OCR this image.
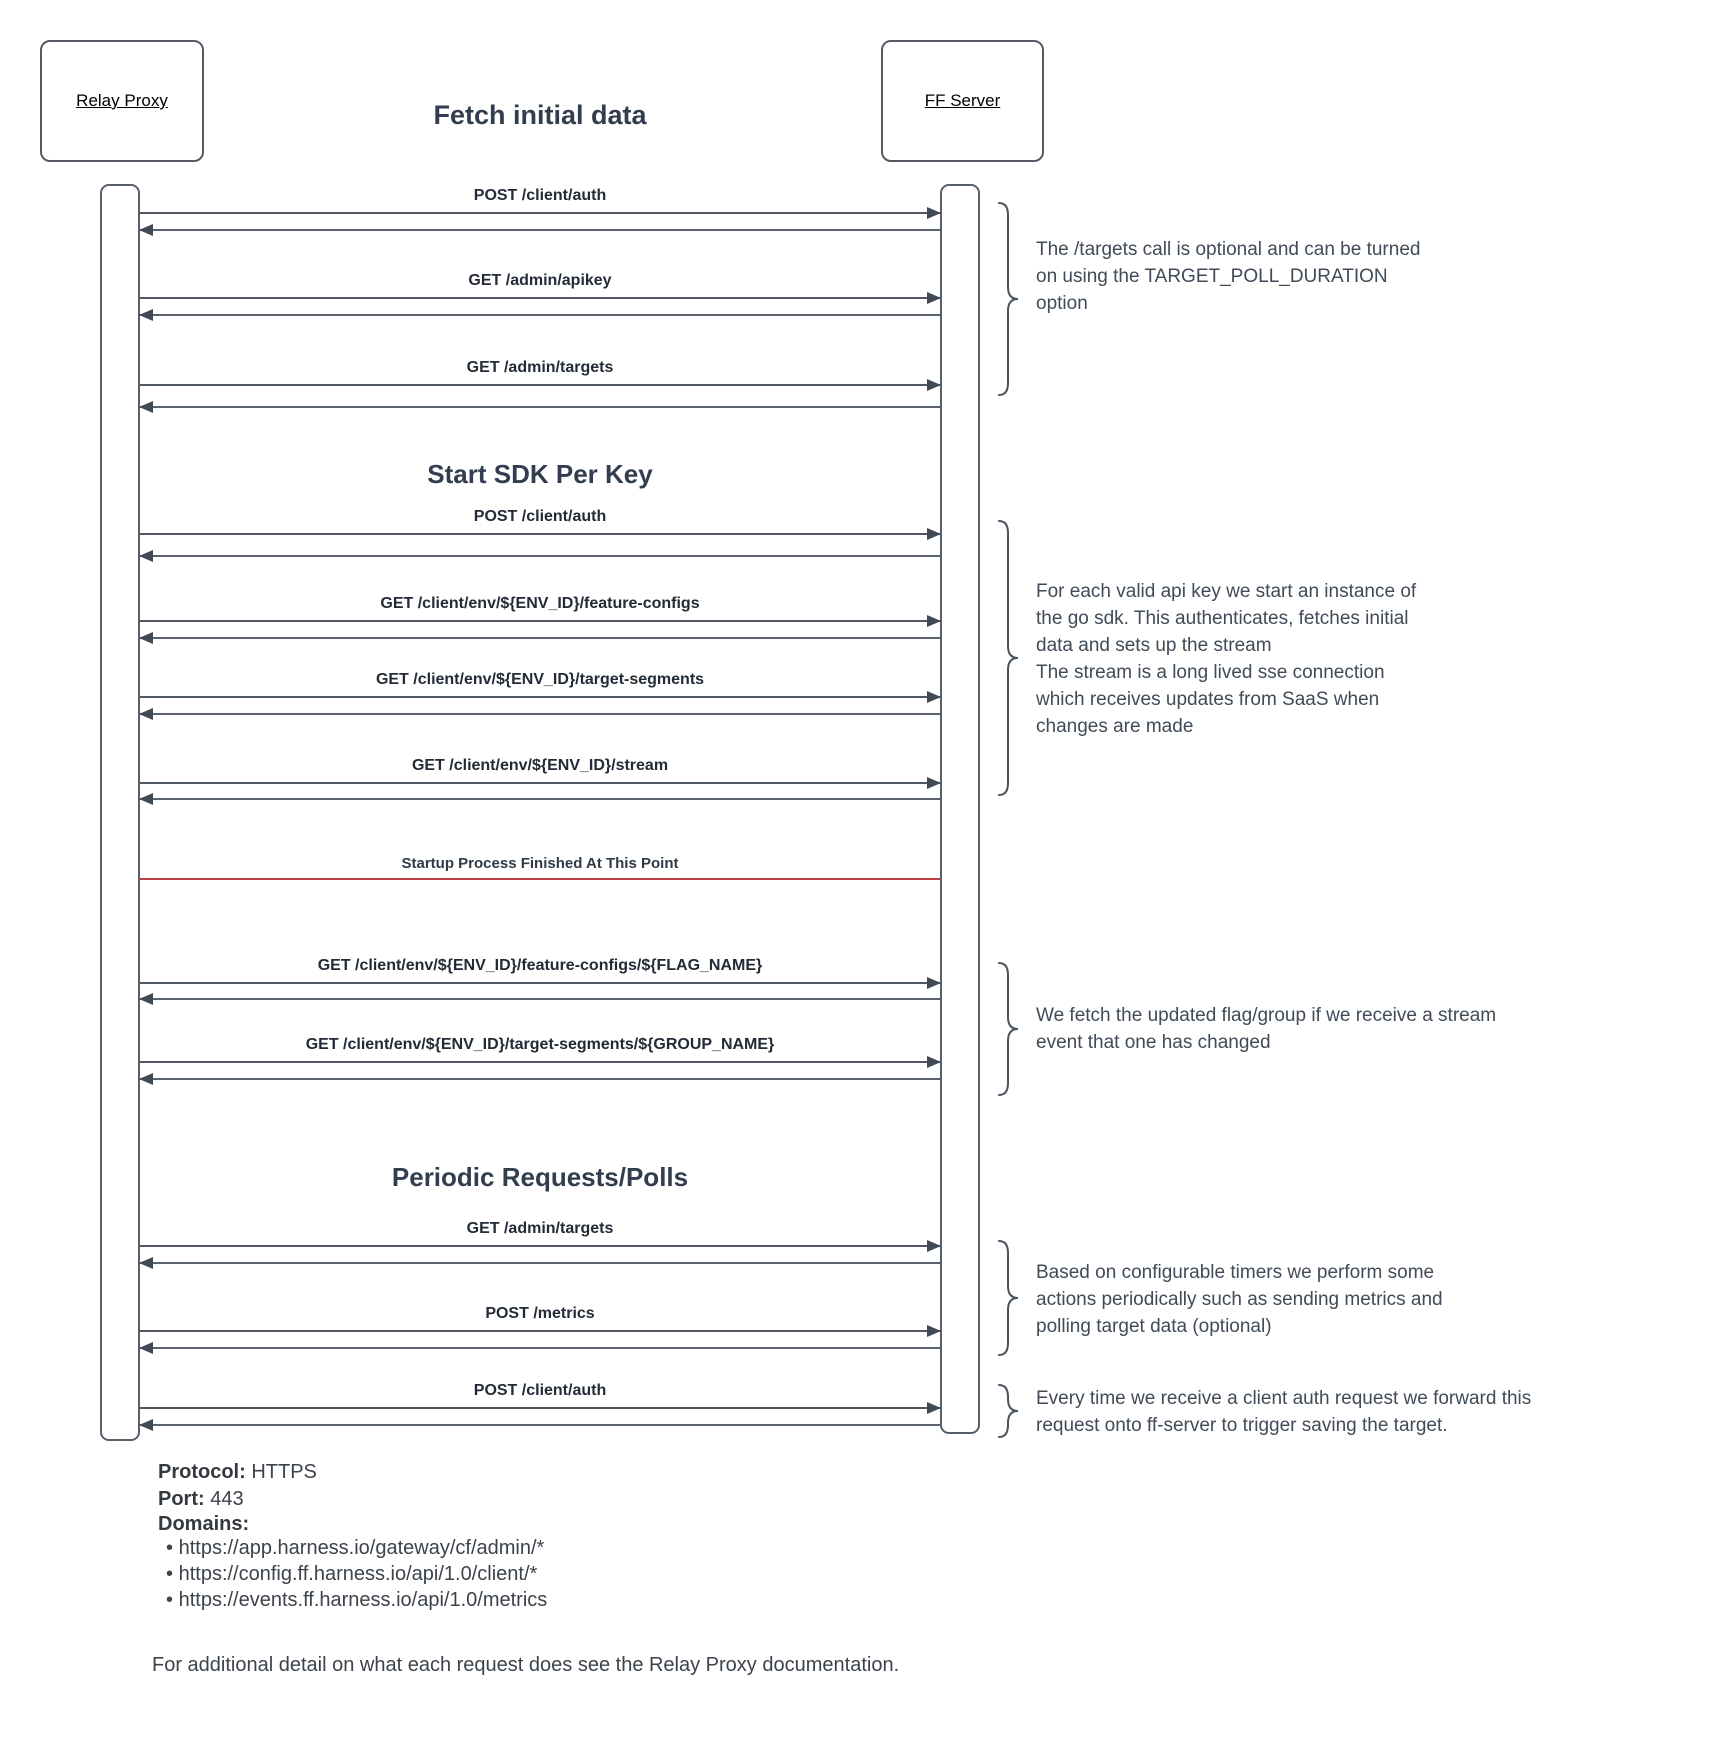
Relay Proxy	FF Server
Fetch initial data
Start SDK Per Key
Periodic Requests/Polls
POST /client/auth
GET /admin/apikey
GET /admin/targets
POST /client/auth
GET /client/env/${ENV_ID}/feature-configs
GET /client/env/${ENV_ID}/target-segments
GET /client/env/${ENV_ID}/stream
GET /client/env/${ENV_ID}/feature-configs/${FLAG_NAME}
GET /client/env/${ENV_ID}/target-segments/${GROUP_NAME}
GET /admin/targets
POST /metrics
POST /client/auth
Startup Process Finished At This Point
The /targets call is optional and can be turned
on using the TARGET_POLL_DURATION
option
For each valid api key we start an instance of
the go sdk. This authenticates, fetches initial
data and sets up the stream
The stream is a long lived sse connection
which receives updates from SaaS when
changes are made
We fetch the updated flag/group if we receive a stream
event that one has changed
Based on configurable timers we perform some
actions periodically such as sending metrics and
polling target data (optional)
Every time we receive a client auth request we forward this
request onto ff-server to trigger saving the target.
Protocol: HTTPS
Port: 443
Domains:
• https://app.harness.io/gateway/cf/admin/*
• https://config.ff.harness.io/api/1.0/client/*
• https://events.ff.harness.io/api/1.0/metrics
For additional detail on what each request does see the Relay Proxy documentation.
